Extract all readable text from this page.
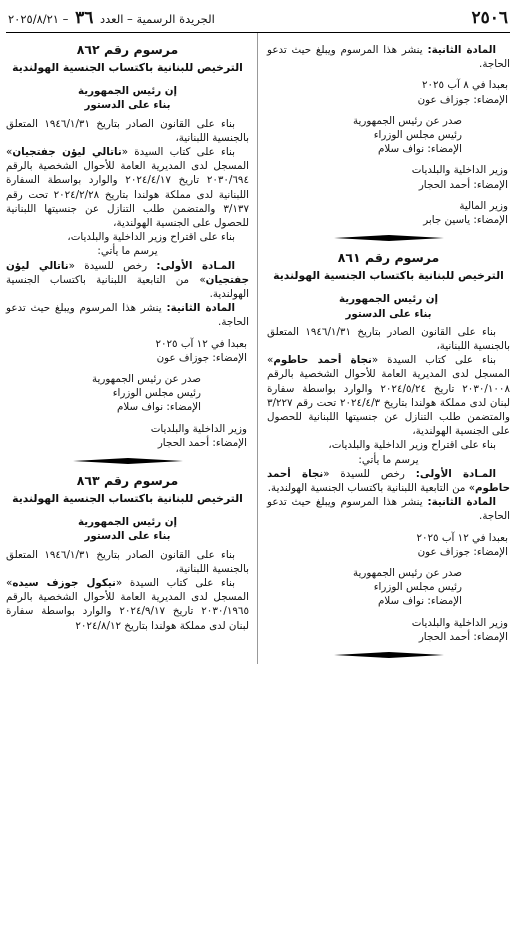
٢٥٠٦
الجريدة الرسمية – العدد ٣٦ – ٢٠٢٥/٨/٢١

المادة الثانية: ينشر هذا المرسوم ويبلغ حيث تدعو الحاجة.

بعبدا في ٨ آب ٢٠٢٥

الإمضاء: جوزاف عون

صدر عن رئيس الجمهورية

رئيس مجلس الوزراء

الإمضاء: نواف سلام

وزير الداخلية والبلديات

الإمضاء: أحمد الحجار

وزير المالية

الإمضاء: ياسين جابر

مرسوم رقم ٨٦١

الترخيص للبنانية باكتساب الجنسية الهولندية

إن رئيس الجمهورية

بناء على الدستور

بناء على القانون الصادر بتاريخ ١٩٤٦/١/٣١ المتعلق بالجنسية اللبنانية،

بناء على كتاب السيدة «نجاة أحمد حاطوم» المسجل لدى المديرية العامة للأحوال الشخصية بالرقم ٢٠٣٠/١٠٠٨ تاريخ ٢٠٢٤/٥/٢٤ والوارد بواسطة سفارة لبنان لدى مملكة هولندا بتاريخ ٢٠٢٤/٤/٣ تحت رقم ٣/٢٢٧ والمتضمن طلب التنازل عن جنسيتها اللبنانية للحصول على الجنسية الهولندية،

بناء على اقتراح وزير الداخلية والبلديات،

يرسم ما يأتي:

المـادة الأولى: رخص للسيدة «نجاة أحمد حاطوم» من التابعية اللبنانية باكتساب الجنسية الهولندية.

المادة الثانية: ينشر هذا المرسوم ويبلغ حيث تدعو الحاجة.

بعبدا في ١٢ آب ٢٠٢٥

الإمضاء: جوزاف عون

صدر عن رئيس الجمهورية

رئيس مجلس الوزراء

الإمضاء: نواف سلام

وزير الداخلية والبلديات

الإمضاء: أحمد الحجار

مرسوم رقم ٨٦٢

الترخيص للبنانية باكتساب الجنسية الهولندية

إن رئيس الجمهورية

بناء على الدستور

بناء على القانون الصادر بتاريخ ١٩٤٦/١/٣١ المتعلق بالجنسية اللبنانية،

بناء على كتاب السيدة «ناتالي ليؤن جفتجيان» المسجل لدى المديرية العامة للأحوال الشخصية بالرقم ٢٠٣٠/٦٩٤ تاريخ ٢٠٢٤/٤/١٧ والوارد بواسطة السفارة اللبنانية لدى مملكة هولندا بتاريخ ٢٠٢٤/٢/٢٨ تحت رقم ٣/١٣٧ والمتضمن طلب التنازل عن جنسيتها اللبنانية للحصول على الجنسية الهولندية،

بناء على اقتراح وزير الداخلية والبلديات،

يرسم ما يأتي:

المـادة الأولى: رخص للسيدة «ناتالي ليؤن جفتجيان» من التابعية اللبنانية باكتساب الجنسية الهولندية.

المادة الثانية: ينشر هذا المرسوم ويبلغ حيث تدعو الحاجة.

بعبدا في ١٢ آب ٢٠٢٥

الإمضاء: جوزاف عون

صدر عن رئيس الجمهورية

رئيس مجلس الوزراء

الإمضاء: نواف سلام

وزير الداخلية والبلديات

الإمضاء: أحمد الحجار

مرسوم رقم ٨٦٣

الترخيص للبنانية باكتساب الجنسية الهولندية

إن رئيس الجمهورية

بناء على الدستور

بناء على القانون الصادر بتاريخ ١٩٤٦/١/٣١ المتعلق بالجنسية اللبنانية،

بناء على كتاب السيدة «نيكول جوزف سيده» المسجل لدى المديرية العامة للأحوال الشخصية بالرقم ٢٠٣٠/١٩٦٥ تاريخ ٢٠٢٤/٩/١٧ والوارد بواسطة سفارة لبنان لدى مملكة هولندا بتاريخ ٢٠٢٤/٨/١٢
